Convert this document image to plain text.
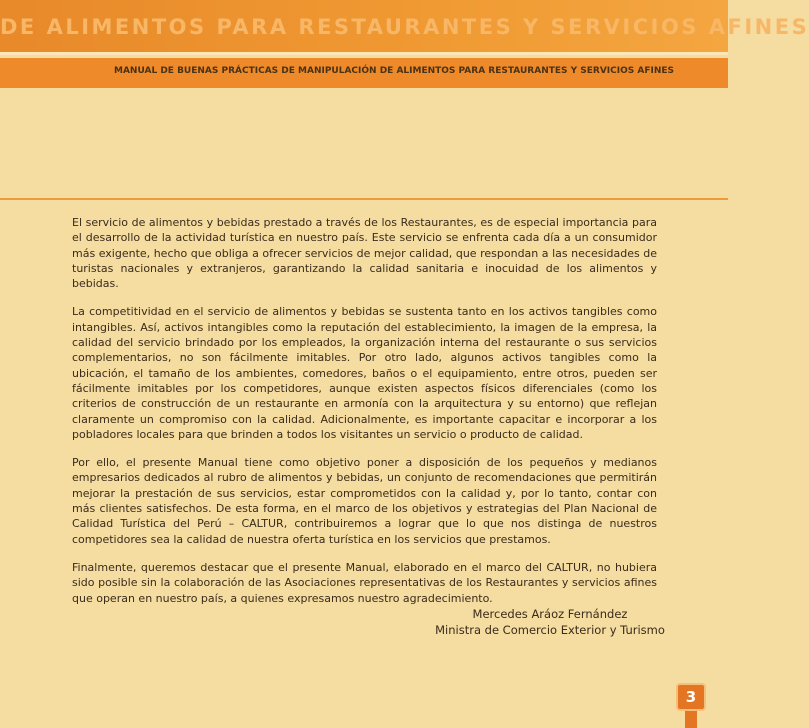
DE ALIMENTOS PARA RESTAURANTES Y SERVICIOS AFINES
MANUAL DE BUENAS PRÁCTICAS DE MANIPULACIÓN DE ALIMENTOS PARA RESTAURANTES Y SERVICIOS AFINES

El servicio de alimentos y bebidas prestado a través de los Restaurantes, es de especial importancia para el desarrollo de la actividad turística en nuestro país. Este servicio se enfrenta cada día a un consumidor más exigente, hecho que obliga a ofrecer servicios de mejor calidad, que respondan a las necesidades de turistas nacionales y extranjeros, garantizando la calidad sanitaria e inocuidad de los alimentos y bebidas.

La competitividad en el servicio de alimentos y bebidas se sustenta tanto en los activos tangibles como intangibles. Así, activos intangibles como la reputación del establecimiento, la imagen de la empresa, la calidad del servicio brindado por los empleados, la organización interna del restaurante o sus servicios complementarios, no son fácilmente imitables. Por otro lado, algunos activos tangibles como la ubicación, el tamaño de los ambientes, comedores, baños o el equipamiento, entre otros, pueden ser fácilmente imitables por los competidores, aunque existen aspectos físicos diferenciales (como los criterios de construcción de un restaurante en armonía con la arquitectura y su entorno) que reflejan claramente un compromiso con la calidad. Adicionalmente, es importante capacitar e incorporar a los pobladores locales para que brinden a todos los visitantes un servicio o producto de calidad.

Por ello, el presente Manual tiene como objetivo poner a disposición de los pequeños y medianos empresarios dedicados al rubro de alimentos y bebidas, un conjunto de recomendaciones que permitirán mejorar la prestación de sus servicios, estar comprometidos con la calidad y, por lo tanto, contar con más clientes satisfechos. De esta forma, en el marco de los objetivos y estrategias del Plan Nacional de Calidad Turística del Perú – CALTUR, contribuiremos a lograr que lo que nos distinga de nuestros competidores sea la calidad de nuestra oferta turística en los servicios que prestamos.

Finalmente, queremos destacar que el presente Manual, elaborado en el marco del CALTUR, no hubiera sido posible sin la colaboración de las Asociaciones representativas de los Restaurantes y servicios afines que operan en nuestro país, a quienes expresamos nuestro agradecimiento.

Mercedes Aráoz Fernández
Ministra de Comercio Exterior y Turismo
3
